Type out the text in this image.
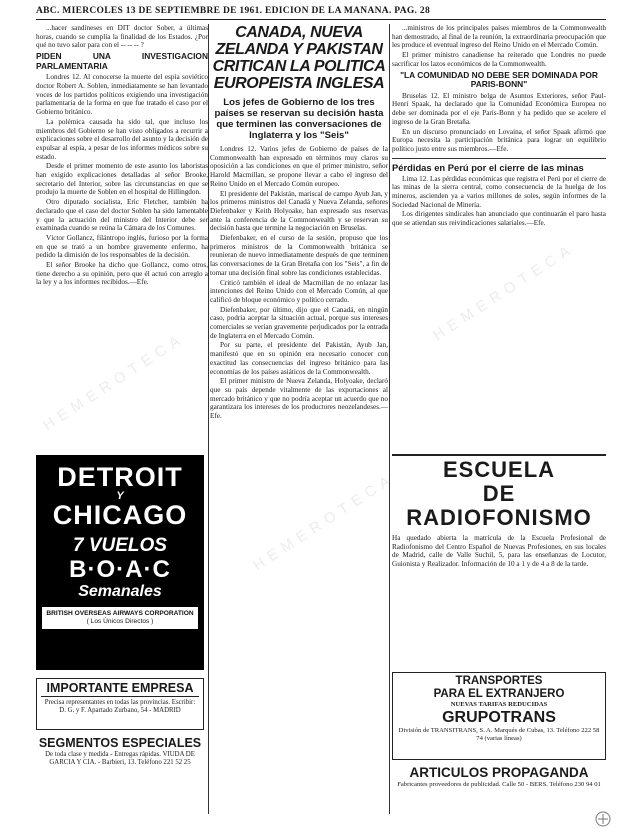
ABC. MIERCOLES 13 DE SEPTIEMBRE DE 1961. EDICION DE LA MAÑANA. PAG. 28

...hacer sandíneses en DIT doctor Sober, a últimas horas, cuando se cumplía la finalidad de los Estados. ¿Por qué no tuvo salor para con el -- -- -- ?

PIDEN UNA INVESTIGACION PARLAMENTARIA

Londres 12. Al conocerse la muerte del espía soviético doctor Robert A. Soblen, inmediatamente se han levantado voces de los partidos políticos exigiendo una investigación parlamentaria de la forma en que fue tratado el caso por el Gobierno británico.

La polémica causada ha sido tal, que incluso los miembros del Gobierno se han visto obligados a recurrir a explicaciones sobre el desarrollo del asunto y la decisión de expulsar al espía, a pesar de los informes médicos sobre su estado.

Desde el primer momento de este asunto los laboristas han exigido explicaciones detalladas al señor Brooke, secretario del Interior, sobre las circunstancias en que se produjo la muerte de Soblen en el hospital de Hillingdon.

Otro diputado socialista, Eric Fletcher, también ha declarado que el caso del doctor Soblen ha sido lamentable y que la actuación del ministro del Interior debe ser examinada cuando se reúna la Cámara de los Comunes.

Víctor Gollancz, filántropo inglés, furioso por la forma en que se trató a un hombre gravemente enfermo, ha pedido la dimisión de los responsables de la decisión.

El señor Brooke ha dicho que Gollancz, como otros, tiene derecho a su opinión, pero que él actuó con arreglo a la ley y a los informes recibidos.—Efe.

DETROIT
Y
CHICAGO
7 VUELOS
B·O·A·C
Semanales
BRITISH OVERSEAS AIRWAYS CORPORATION
( Los Únicos Directos )
IMPORTANTE EMPRESA
Precisa representantes en todas las provincias. Escribir: D. G. y F. Apartado Zurbano, 54 - MADRID
SEGMENTOS ESPECIALES
De toda clase y medida - Entregas rápidas. VIUDA DE GARCIA Y CIA. - Barbieri, 13. Teléfono 221 52 25
CANADA, NUEVA ZELANDA Y PAKISTAN CRITICAN LA POLITICA EUROPEISTA INGLESA
Los jefes de Gobierno de los tres países se reservan su decisión hasta que terminen las conversaciones de Inglaterra y los "Seis"

Londres 12. Varios jefes de Gobierno de países de la Commonwealth han expresado en términos muy claros su oposición a las condiciones en que el primer ministro, señor Harold Macmillan, se propone llevar a cabo el ingreso del Reino Unido en el Mercado Común europeo.

El presidente del Pakistán, mariscal de campo Ayub Jan, y los primeros ministros del Canadá y Nueva Zelanda, señores Diefenbaker y Keith Holyoake, han expresado sus reservas ante la conferencia de la Commonwealth y se reservan su decisión hasta que termine la negociación en Bruselas.

Diefenbaker, en el curso de la sesión, propuso que los primeros ministros de la Commonwealth británica se reunieran de nuevo inmediatamente después de que terminen las conversaciones de la Gran Bretaña con los "Seis", a fin de tomar una decisión final sobre las condiciones establecidas.

Criticó también el ideal de Macmillan de no enlazar las intenciones del Reino Unido con el Mercado Común, al que calificó de bloque económico y político cerrado.

Diefenbaker, por último, dijo que el Canadá, en ningún caso, podría aceptar la situación actual, porque sus intereses comerciales se verían gravemente perjudicados por la entrada de Inglaterra en el Mercado Común.

Por su parte, el presidente del Pakistán, Ayub Jan, manifestó que en su opinión era necesario conocer con exactitud las consecuencias del ingreso británico para las economías de los países asiáticos de la Commonwealth.

El primer ministro de Nueva Zelanda, Holyoake, declaró que su país depende vitalmente de las exportaciones al mercado británico y que no podría aceptar un acuerdo que no garantizara los intereses de los productores neozelandeses.—Efe.

...ministros de los principales países miembros de la Commonwealth han demostrado, al final de la reunión, la extraordinaria preocupación que les produce el eventual ingreso del Reino Unido en el Mercado Común.

El primer ministro canadiense ha reiterado que Londres no puede sacrificar los lazos económicos de la Commonwealth.

"LA COMUNIDAD NO DEBE SER DOMINADA POR PARIS-BONN"

Bruselas 12. El ministro belga de Asuntos Exteriores, señor Paul-Henri Spaak, ha declarado que la Comunidad Económica Europea no debe ser dominada por el eje París-Bonn y ha pedido que se acelere el ingreso de la Gran Bretaña.

En un discurso pronunciado en Lovaina, el señor Spaak afirmó que Europa necesita la participación británica para lograr un equilibrio político justo entre sus miembros.—Efe.

Pérdidas en Perú por el cierre de las minas

Lima 12. Las pérdidas económicas que registra el Perú por el cierre de las minas de la sierra central, como consecuencia de la huelga de los mineros, ascienden ya a varios millones de soles, según informes de la Sociedad Nacional de Minería.

Los dirigentes sindicales han anunciado que continuarán el paro hasta que se atiendan sus reivindicaciones salariales.—Efe.

ESCUELA
DE RADIOFONISMO
Ha quedado abierta la matrícula de la Escuela Profesional de Radiofonismo del Centro Español de Nuevas Profesiones, en sus locales de Madrid, calle de Valle Suchil, 5, para las enseñanzas de Locutor, Guionista y Realizador. Información de 10 a 1 y de 4 a 8 de la tarde.
TRANSPORTES
PARA EL EXTRANJERO
NUEVAS TARIFAS REDUCIDAS
GRUPOTRANS
División de TRANSITRANS, S. A. Marqués de Cubas, 13. Teléfono 222 58 74 (varias líneas)
ARTICULOS PROPAGANDA
Fabricantes proveedores de publicidad. Calle 50 - BERS. Teléfono 230 94 01
HEMEROTECA
HEMEROTECA
HEMEROTECA
